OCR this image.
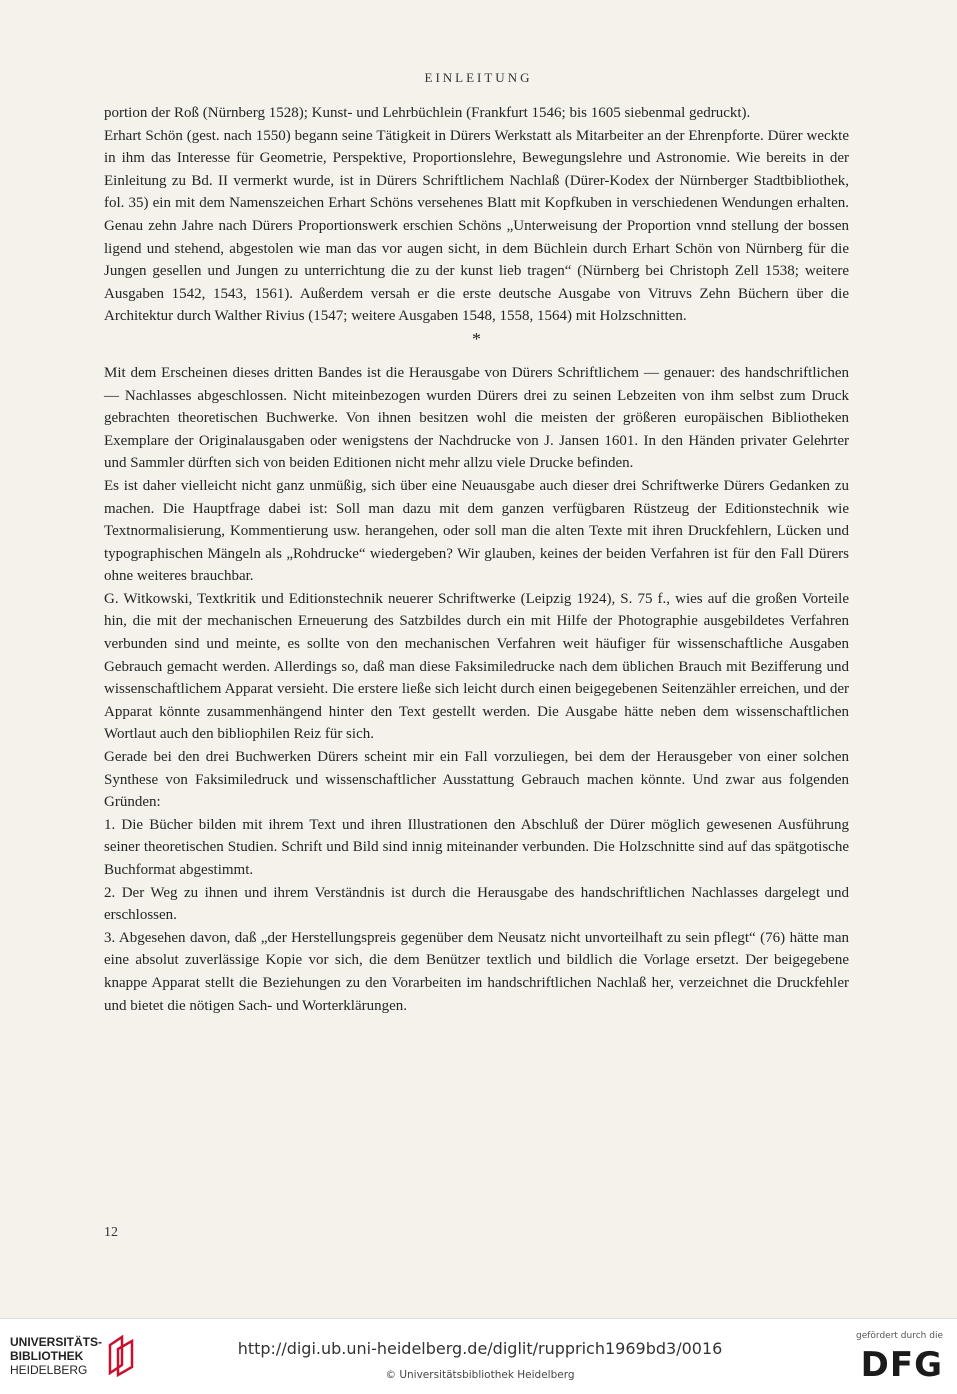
EINLEITUNG

portion der Roß (Nürnberg 1528); Kunst- und Lehrbüchlein (Frankfurt 1546; bis 1605 siebenmal gedruckt).

Erhart Schön (gest. nach 1550) begann seine Tätigkeit in Dürers Werkstatt als Mitarbeiter an der Ehrenpforte. Dürer weckte in ihm das Interesse für Geometrie, Perspektive, Proportionslehre, Bewegungslehre und Astronomie. Wie bereits in der Einleitung zu Bd. II vermerkt wurde, ist in Dürers Schriftlichem Nachlaß (Dürer-Kodex der Nürnberger Stadtbibliothek, fol. 35) ein mit dem Namenszeichen Erhart Schöns versehenes Blatt mit Kopfkuben in verschiedenen Wendungen erhalten. Genau zehn Jahre nach Dürers Proportionswerk erschien Schöns „Unterweisung der Proportion vnnd stellung der bossen ligend und stehend, abgestolen wie man das vor augen sicht, in dem Büchlein durch Erhart Schön von Nürnberg für die Jungen gesellen und Jungen zu unterrichtung die zu der kunst lieb tragen“ (Nürnberg bei Christoph Zell 1538; weitere Ausgaben 1542, 1543, 1561). Außerdem versah er die erste deutsche Ausgabe von Vitruvs Zehn Büchern über die Architektur durch Walther Rivius (1547; weitere Ausgaben 1548, 1558, 1564) mit Holzschnitten.

*

Mit dem Erscheinen dieses dritten Bandes ist die Herausgabe von Dürers Schriftlichem — genauer: des handschriftlichen — Nachlasses abgeschlossen. Nicht miteinbezogen wurden Dürers drei zu seinen Lebzeiten von ihm selbst zum Druck gebrachten theoretischen Buchwerke. Von ihnen besitzen wohl die meisten der größeren europäischen Bibliotheken Exemplare der Originalausgaben oder wenigstens der Nachdrucke von J. Jansen 1601. In den Händen privater Gelehrter und Sammler dürften sich von beiden Editionen nicht mehr allzu viele Drucke befinden.

Es ist daher vielleicht nicht ganz unmüßig, sich über eine Neuausgabe auch dieser drei Schriftwerke Dürers Gedanken zu machen. Die Hauptfrage dabei ist: Soll man dazu mit dem ganzen verfügbaren Rüstzeug der Editionstechnik wie Textnormalisierung, Kommentierung usw. herangehen, oder soll man die alten Texte mit ihren Druckfehlern, Lücken und typographischen Mängeln als „Rohdrucke“ wiedergeben? Wir glauben, keines der beiden Verfahren ist für den Fall Dürers ohne weiteres brauchbar.

G. Witkowski, Textkritik und Editionstechnik neuerer Schriftwerke (Leipzig 1924), S. 75 f., wies auf die großen Vorteile hin, die mit der mechanischen Erneuerung des Satzbildes durch ein mit Hilfe der Photographie ausgebildetes Verfahren verbunden sind und meinte, es sollte von den mechanischen Verfahren weit häufiger für wissenschaftliche Ausgaben Gebrauch gemacht werden. Allerdings so, daß man diese Faksimiledrucke nach dem üblichen Brauch mit Bezifferung und wissenschaftlichem Apparat versieht. Die erstere ließe sich leicht durch einen beigegebenen Seitenzähler erreichen, und der Apparat könnte zusammenhängend hinter den Text gestellt werden. Die Ausgabe hätte neben dem wissenschaftlichen Wortlaut auch den bibliophilen Reiz für sich.

Gerade bei den drei Buchwerken Dürers scheint mir ein Fall vorzuliegen, bei dem der Herausgeber von einer solchen Synthese von Faksimiledruck und wissenschaftlicher Ausstattung Gebrauch machen könnte. Und zwar aus folgenden Gründen:

1. Die Bücher bilden mit ihrem Text und ihren Illustrationen den Abschluß der Dürer möglich gewesenen Ausführung seiner theoretischen Studien. Schrift und Bild sind innig miteinander verbunden. Die Holzschnitte sind auf das spätgotische Buchformat abgestimmt.

2. Der Weg zu ihnen und ihrem Verständnis ist durch die Herausgabe des handschriftlichen Nachlasses dargelegt und erschlossen.

3. Abgesehen davon, daß „der Herstellungspreis gegenüber dem Neusatz nicht unvorteilhaft zu sein pflegt“ (76) hätte man eine absolut zuverlässige Kopie vor sich, die dem Benützer textlich und bildlich die Vorlage ersetzt. Der beigegebene knappe Apparat stellt die Beziehungen zu den Vorarbeiten im handschriftlichen Nachlaß her, verzeichnet die Druckfehler und bietet die nötigen Sach- und Worterklärungen.

12
UNIVERSITÄTS-
BIBLIOTHEK
HEIDELBERG
http://digi.ub.uni-heidelberg.de/diglit/rupprich1969bd3/0016
© Universitätsbibliothek Heidelberg
gefördert durch die
DFG
